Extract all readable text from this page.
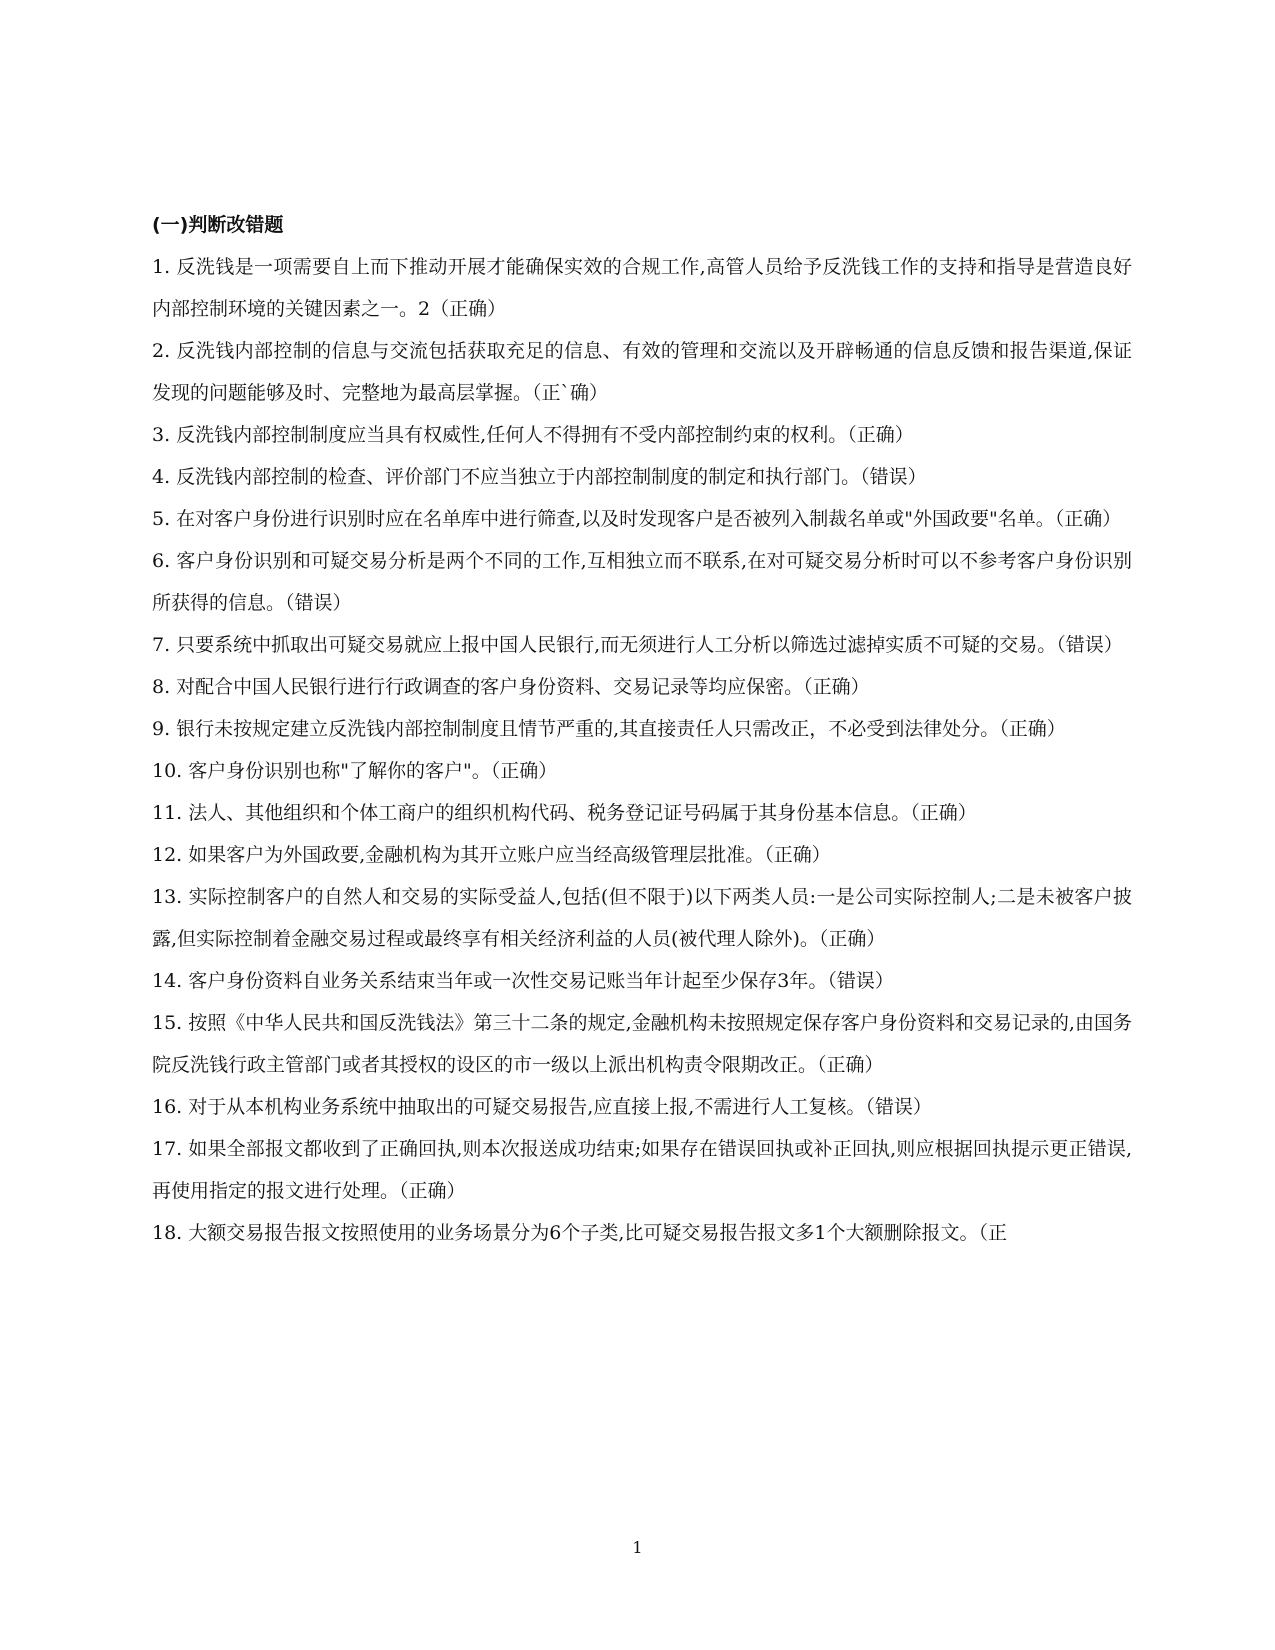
(一)判断改错题

1. 反洗钱是一项需要自上而下推动开展才能确保实效的合规工作,高管人员给予反洗钱工作的支持和指导是营造良好内部控制环境的关键因素之一。2（正确）

2. 反洗钱内部控制的信息与交流包括获取充足的信息、有效的管理和交流以及开辟畅通的信息反馈和报告渠道,保证发现的问题能够及时、完整地为最高层掌握。（正`确）

3. 反洗钱内部控制制度应当具有权威性,任何人不得拥有不受内部控制约束的权利。（正确）

4. 反洗钱内部控制的检查、评价部门不应当独立于内部控制制度的制定和执行部门。（错误）

5. 在对客户身份进行识别时应在名单库中进行筛查,以及时发现客户是否被列入制裁名单或"外国政要"名单。（正确）

6. 客户身份识别和可疑交易分析是两个不同的工作,互相独立而不联系,在对可疑交易分析时可以不参考客户身份识别所获得的信息。（错误）

7. 只要系统中抓取出可疑交易就应上报中国人民银行,而无须进行人工分析以筛选过滤掉实质不可疑的交易。（错误）

8. 对配合中国人民银行进行行政调查的客户身份资料、交易记录等均应保密。（正确）

9. 银行未按规定建立反洗钱内部控制制度且情节严重的,其直接责任人只需改正，不必受到法律处分。（正确）

10. 客户身份识别也称"了解你的客户"。（正确）

11. 法人、其他组织和个体工商户的组织机构代码、税务登记证号码属于其身份基本信息。（正确）

12. 如果客户为外国政要,金融机构为其开立账户应当经高级管理层批准。（正确）

13. 实际控制客户的自然人和交易的实际受益人,包括(但不限于)以下两类人员:一是公司实际控制人;二是未被客户披露,但实际控制着金融交易过程或最终享有相关经济利益的人员(被代理人除外)。（正确）

14. 客户身份资料自业务关系结束当年或一次性交易记账当年计起至少保存3年。（错误）

15. 按照《中华人民共和国反洗钱法》第三十二条的规定,金融机构未按照规定保存客户身份资料和交易记录的,由国务院反洗钱行政主管部门或者其授权的设区的市一级以上派出机构责令限期改正。（正确）

16. 对于从本机构业务系统中抽取出的可疑交易报告,应直接上报,不需进行人工复核。（错误）

17. 如果全部报文都收到了正确回执,则本次报送成功结束;如果存在错误回执或补正回执,则应根据回执提示更正错误,再使用指定的报文进行处理。（正确）

18. 大额交易报告报文按照使用的业务场景分为6个子类,比可疑交易报告报文多1个大额删除报文。（正

1
